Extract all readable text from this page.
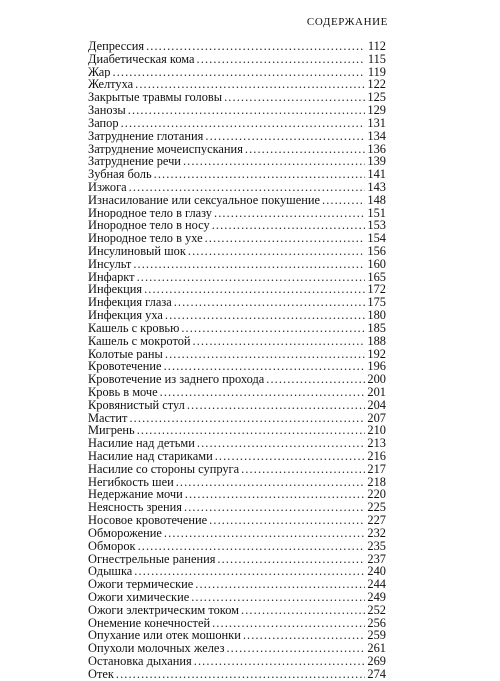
СОДЕРЖАНИЕ
Депрессия .....	112
Диабетическая кома .....	115
Жар .....	119
Желтуха .....	122
Закрытые травмы головы .....	125
Занозы .....	129
Запор .....	131
Затруднение глотания .....	134
Затруднение мочеиспускания .....	136
Затруднение речи .....	139
Зубная боль .....	141
Изжога .....	143
Изнасилование или сексуальное покушение .....	148
Инородное тело в глазу .....	151
Инородное тело в носу .....	153
Инородное тело в ухе .....	154
Инсулиновый шок .....	156
Инсульт .....	160
Инфаркт .....	165
Инфекция .....	172
Инфекция глаза .....	175
Инфекция уха .....	180
Кашель с кровью .....	185
Кашель с мокротой .....	188
Колотые раны .....	192
Кровотечение .....	196
Кровотечение из заднего прохода .....	200
Кровь в моче .....	201
Кровянистый стул .....	204
Мастит .....	207
Мигрень .....	210
Насилие над детьми .....	213
Насилие над стариками .....	216
Насилие со стороны супруга .....	217
Негибкость шеи .....	218
Недержание мочи .....	220
Неясность зрения .....	225
Носовое кровотечение .....	227
Обморожение .....	232
Обморок .....	235
Огнестрельные ранения .....	237
Одышка .....	240
Ожоги термические .....	244
Ожоги химические .....	249
Ожоги электрическим током .....	252
Онемение конечностей .....	256
Опухание или отек мошонки .....	259
Опухоли молочных желез .....	261
Остановка дыхания .....	269
Отек .....	274
